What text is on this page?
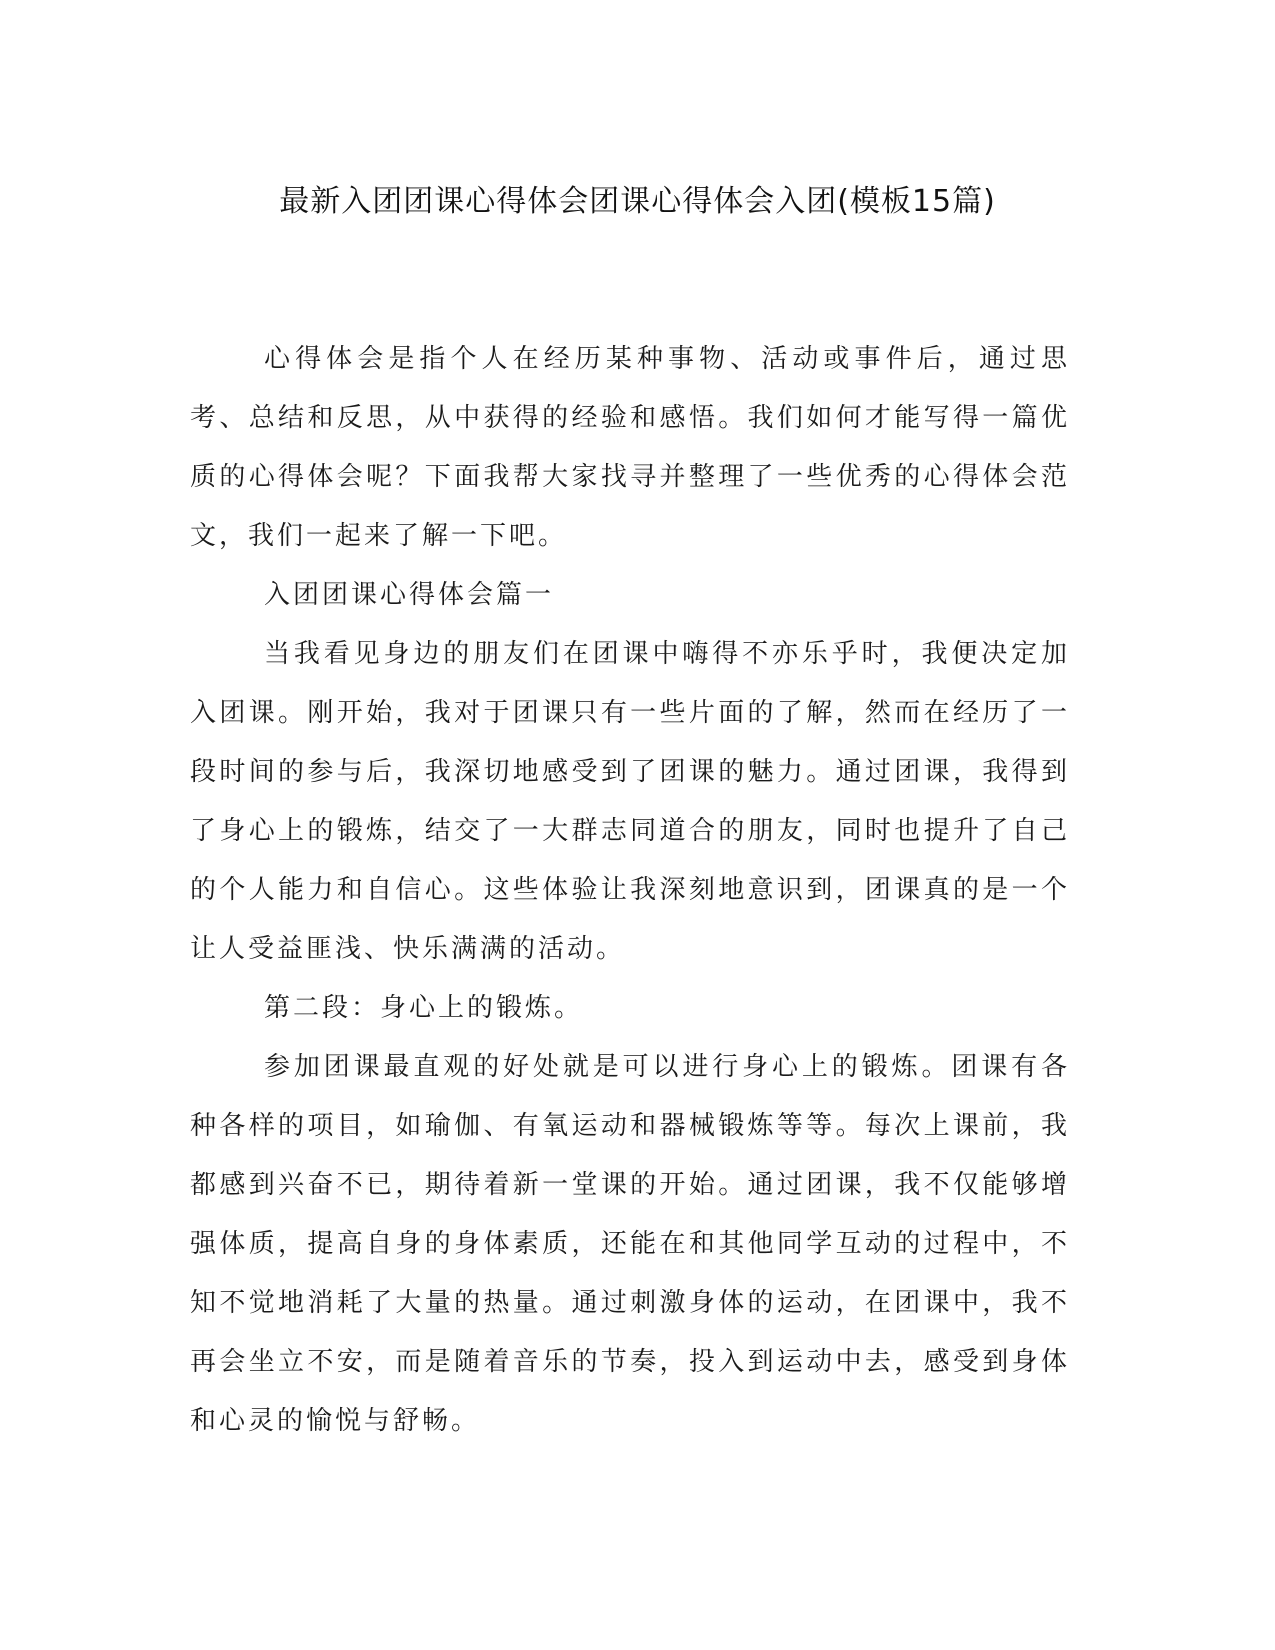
最新入团团课心得体会团课心得体会入团(模板15篇)

心得体会是指个人在经历某种事物、活动或事件后，通过思考、总结和反思，从中获得的经验和感悟。我们如何才能写得一篇优质的心得体会呢？下面我帮大家找寻并整理了一些优秀的心得体会范文，我们一起来了解一下吧。

入团团课心得体会篇一

当我看见身边的朋友们在团课中嗨得不亦乐乎时，我便决定加入团课。刚开始，我对于团课只有一些片面的了解，然而在经历了一段时间的参与后，我深切地感受到了团课的魅力。通过团课，我得到了身心上的锻炼，结交了一大群志同道合的朋友，同时也提升了自己的个人能力和自信心。这些体验让我深刻地意识到，团课真的是一个让人受益匪浅、快乐满满的活动。

第二段：身心上的锻炼。

参加团课最直观的好处就是可以进行身心上的锻炼。团课有各种各样的项目，如瑜伽、有氧运动和器械锻炼等等。每次上课前，我都感到兴奋不已，期待着新一堂课的开始。通过团课，我不仅能够增强体质，提高自身的身体素质，还能在和其他同学互动的过程中，不知不觉地消耗了大量的热量。通过刺激身体的运动，在团课中，我不再会坐立不安，而是随着音乐的节奏，投入到运动中去，感受到身体和心灵的愉悦与舒畅。
